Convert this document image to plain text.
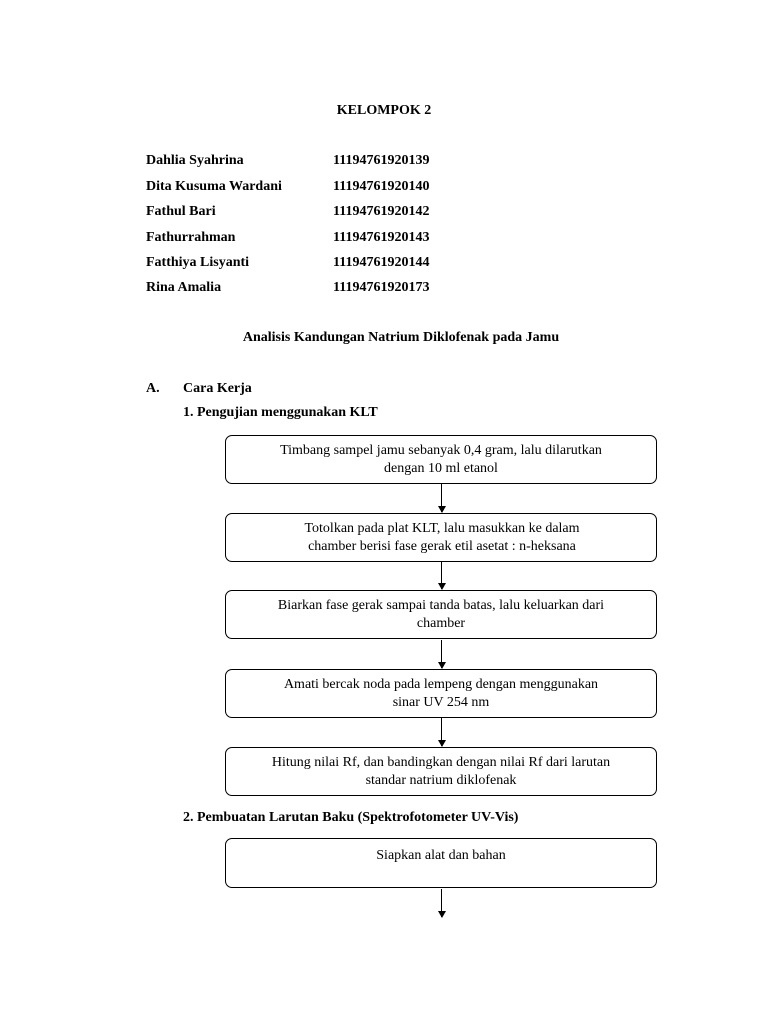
KELOMPOK 2
Dahlia Syahrina	11194761920139
Dita Kusuma Wardani	11194761920140
Fathul Bari	11194761920142
Fathurrahman	11194761920143
Fatthiya Lisyanti	11194761920144
Rina Amalia	11194761920173
Analisis Kandungan Natrium Diklofenak pada Jamu
A. Cara Kerja
1. Pengujian menggunakan KLT
Timbang sampel jamu sebanyak 0,4 gram, lalu dilarutkan
dengan 10 ml etanol
Totolkan pada plat KLT, lalu masukkan ke dalam
chamber berisi fase gerak etil asetat : n-heksana
Biarkan fase gerak sampai tanda batas, lalu keluarkan dari
chamber
Amati bercak noda pada lempeng dengan menggunakan
sinar UV 254 nm
Hitung nilai Rf, dan bandingkan dengan nilai Rf dari larutan
standar natrium diklofenak
2. Pembuatan Larutan Baku (Spektrofotometer UV-Vis)
Siapkan alat dan bahan
